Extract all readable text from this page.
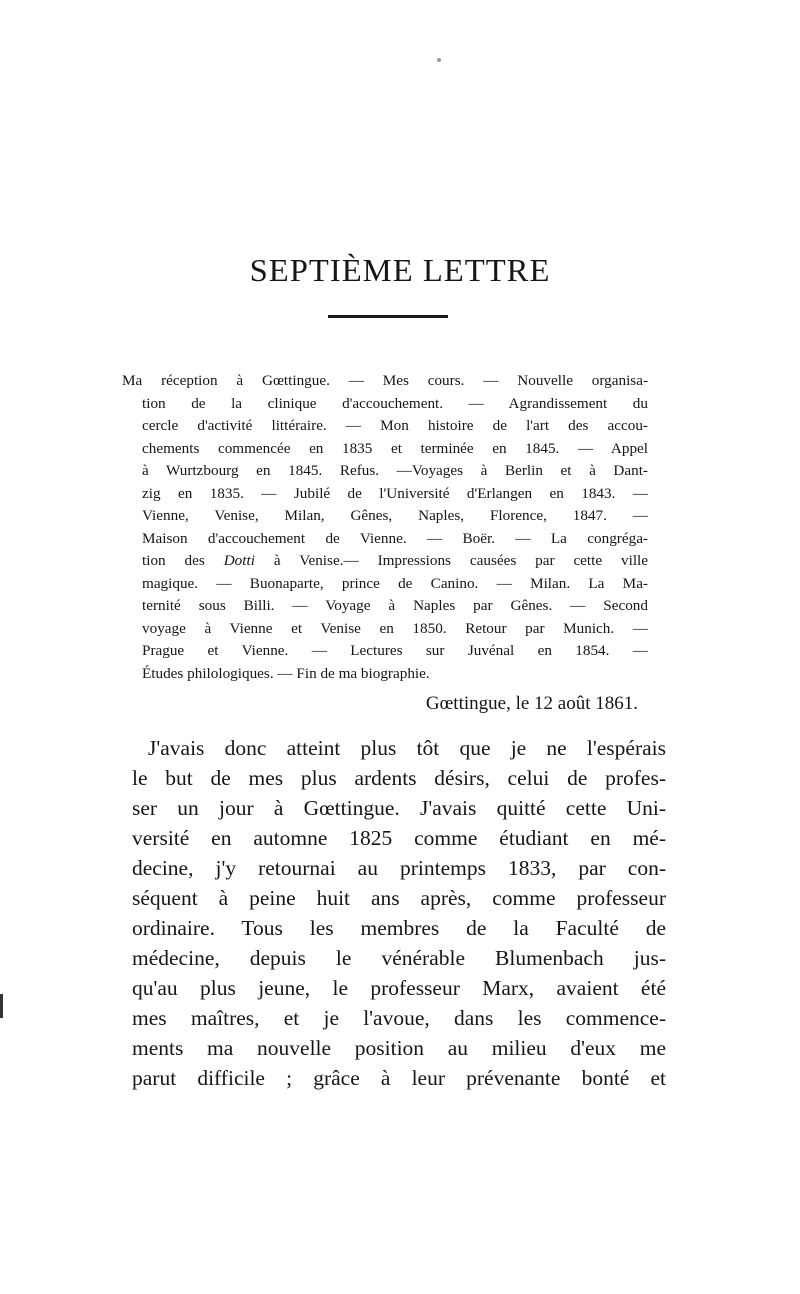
SEPTIÈME LETTRE
Ma réception à Gœttingue. — Mes cours. — Nouvelle organisa-
tion de la clinique d'accouchement. — Agrandissement du
cercle d'activité littéraire. — Mon histoire de l'art des accou-
chements commencée en 1835 et terminée en 1845. — Appel
à Wurtzbourg en 1845. Refus. —Voyages à Berlin et à Dant-
zig en 1835. — Jubilé de l'Université d'Erlangen en 1843. —
Vienne, Venise, Milan, Gênes, Naples, Florence, 1847. —
Maison d'accouchement de Vienne. — Boër. — La congréga-
tion des Dotti à Venise.— Impressions causées par cette ville
magique. — Buonaparte, prince de Canino. — Milan. La Ma-
ternité sous Billi. — Voyage à Naples par Gênes. — Second
voyage à Vienne et Venise en 1850. Retour par Munich. —
Prague et Vienne. — Lectures sur Juvénal en 1854. —
Études philologiques. — Fin de ma biographie.

Gœttingue, le 12 août 1861.

J'avais donc atteint plus tôt que je ne l'espérais
le but de mes plus ardents désirs, celui de profes-
ser un jour à Gœttingue. J'avais quitté cette Uni-
versité en automne 1825 comme étudiant en mé-
decine, j'y retournai au printemps 1833, par con-
séquent à peine huit ans après, comme professeur
ordinaire. Tous les membres de la Faculté de
médecine, depuis le vénérable Blumenbach jus-
qu'au plus jeune, le professeur Marx, avaient été
mes maîtres, et je l'avoue, dans les commence-
ments ma nouvelle position au milieu d'eux me
parut difficile ; grâce à leur prévenante bonté et
